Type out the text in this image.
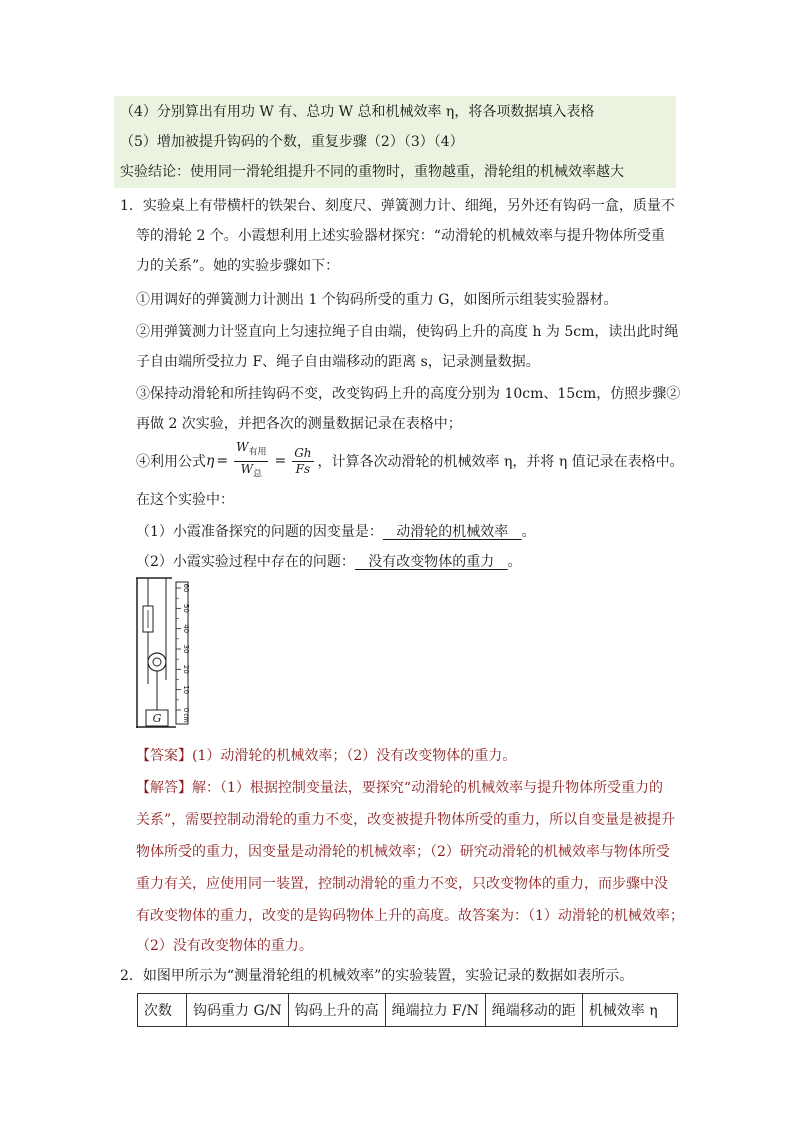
（4）分别算出有用功 W 有、总功 W 总和机械效率 η，将各项数据填入表格
（5）增加被提升钩码的个数，重复步骤（2）（3）（4）
实验结论：使用同一滑轮组提升不同的重物时，重物越重，滑轮组的机械效率越大
1．实验桌上有带横杆的铁架台、刻度尺、弹簧测力计、细绳，另外还有钩码一盒，质量不
等的滑轮 2 个。小霞想利用上述实验器材探究：“动滑轮的机械效率与提升物体所受重
力的关系”。她的实验步骤如下：
①用调好的弹簧测力计测出 1 个钩码所受的重力 G，如图所示组装实验器材。
②用弹簧测力计竖直向上匀速拉绳子自由端，使钩码上升的高度 h 为 5cm，读出此时绳
子自由端所受拉力 F、绳子自由端移动的距离 s，记录测量数据。
③保持动滑轮和所挂钩码不变，改变钩码上升的高度分别为 10cm、15cm，仿照步骤②
再做 2 次实验，并把各次的测量数据记录在表格中；
④利用公式 $\eta = \frac{W_{有用}}{W_总} = \frac{Gh}{Fs}$ ，计算各次动滑轮的机械效率 η，并将 η 值记录在表格中。
在这个实验中：
（1）小霞准备探究的问题的因变量是：   动滑轮的机械效率   。
（2）小霞实验过程中存在的问题：   没有改变物体的重力   。
G
60
50
40
30
20
10
0
cm
【答案】(1）动滑轮的机械效率；（2）没有改变物体的重力。
【解答】解：（1）根据控制变量法，要探究“动滑轮的机械效率与提升物体所受重力的
关系”，需要控制动滑轮的重力不变，改变被提升物体所受的重力，所以自变量是被提升
物体所受的重力，因变量是动滑轮的机械效率；（2）研究动滑轮的机械效率与物体所受
重力有关，应使用同一装置，控制动滑轮的重力不变，只改变物体的重力，而步骤中没
有改变物体的重力，改变的是钩码物体上升的高度。故答案为：（1）动滑轮的机械效率；
（2）没有改变物体的重力。
2．如图甲所示为“测量滑轮组的机械效率”的实验装置，实验记录的数据如表所示。
次数	钩码重力 G/N	钩码上升的高	绳端拉力 F/N	绳端移动的距	机械效率 η
